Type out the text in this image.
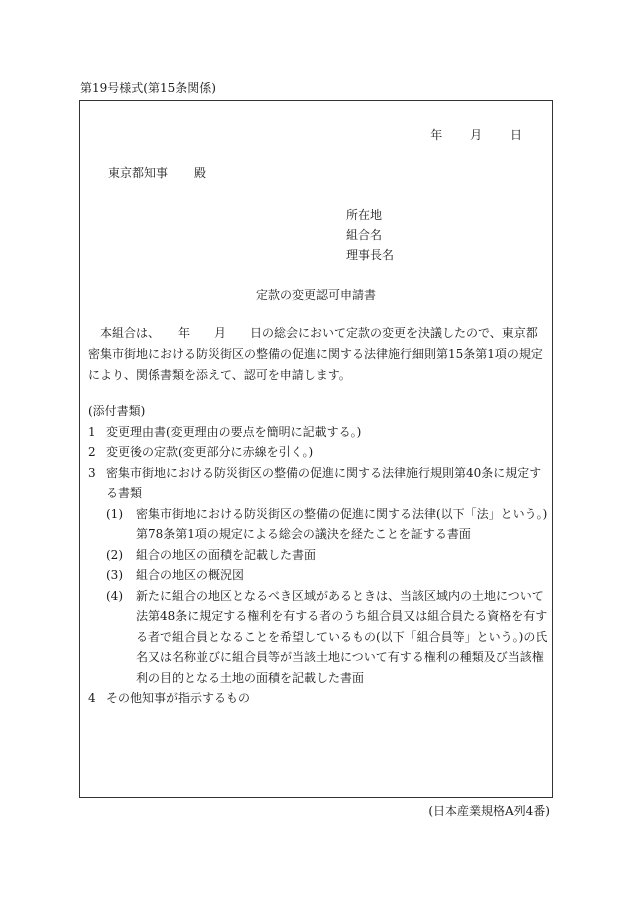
第19号様式(第15条関係)
年 月 日
東京都知事 殿
所在地
組合名
理事長名
定款の変更認可申請書

本組合は、　　年　　月　　日の総会において定款の変更を決議したので、東京都密集市街地における防災街区の整備の促進に関する法律施行細則第15条第1項の規定により、関係書類を添えて、認可を申請します。

(添付書類)
1 変更理由書(変更理由の要点を簡明に記載する。)
2 変更後の定款(変更部分に赤線を引く。)
3 密集市街地における防災街区の整備の促進に関する法律施行規則第40条に規定する書類
(1)	密集市街地における防災街区の整備の促進に関する法律(以下「法」という。)第78条第1項の規定による総会の議決を経たことを証する書面
(2)	組合の地区の面積を記載した書面
(3)	組合の地区の概況図
(4)	新たに組合の地区となるべき区域があるときは、当該区域内の土地について法第48条に規定する権利を有する者のうち組合員又は組合員たる資格を有する者で組合員となることを希望しているもの(以下「組合員等」という。)の氏名又は名称並びに組合員等が当該土地について有する権利の種類及び当該権利の目的となる土地の面積を記載した書面
4 その他知事が指示するもの
(日本産業規格A列4番)
